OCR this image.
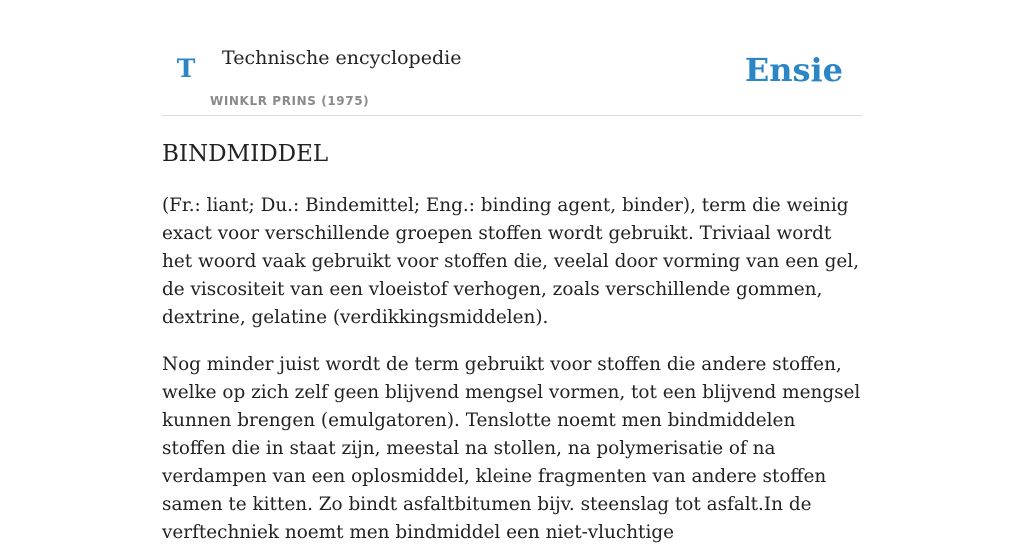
T Technische encyclopedie
WINKLR PRINS (1975)
Ensie
BINDMIDDEL

(Fr.: liant; Du.: Bindemittel; Eng.: binding agent, binder), term die weinig exact voor verschillende groepen stoffen wordt gebruikt. Triviaal wordt het woord vaak gebruikt voor stoffen die, veelal door vorming van een gel, de viscositeit van een vloeistof verhogen, zoals verschillende gommen, dextrine, gelatine (verdikkingsmiddelen).

Nog minder juist wordt de term gebruikt voor stoffen die andere stoffen, welke op zich zelf geen blijvend mengsel vormen, tot een blijvend mengsel kunnen brengen (emulgatoren). Tenslotte noemt men bindmiddelen stoffen die in staat zijn, meestal na stollen, na polymerisatie of na verdampen van een oplosmiddel, kleine fragmenten van andere stoffen samen te kitten. Zo bindt asfaltbitumen bijv. steenslag tot asfalt.In de verftechniek noemt men bindmiddel een niet-vluchtige
